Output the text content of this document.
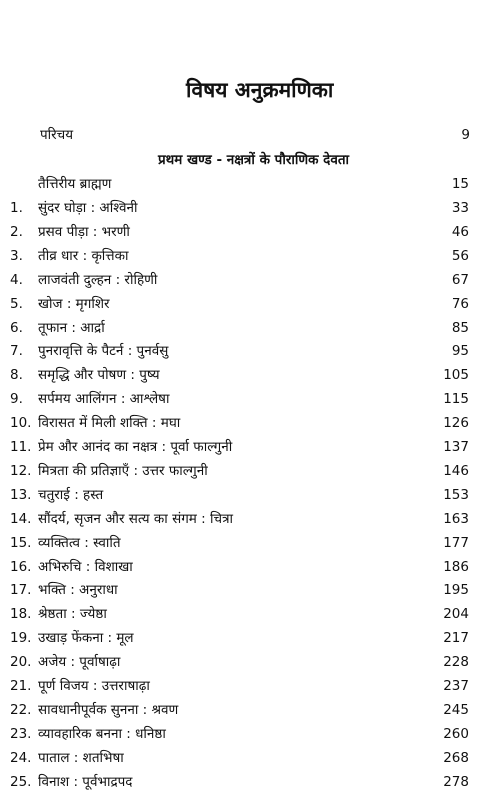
विषय अनुक्रमणिका
परिचय	9
प्रथम खण्ड - नक्षत्रों के पौराणिक देवता
तैत्तिरीय ब्राह्मण	15
1. सुंदर घोड़ा : अश्विनी	33
2. प्रसव पीड़ा : भरणी	46
3. तीव्र धार : कृत्तिका	56
4. लाजवंती दुल्हन : रोहिणी	67
5. खोज : मृगशिर	76
6. तूफान : आर्द्रा	85
7. पुनरावृत्ति के पैटर्न : पुनर्वसु	95
8. समृद्धि और पोषण : पुष्य	105
9. सर्पमय आलिंगन : आश्लेषा	115
10. विरासत में मिली शक्ति : मघा	126
11. प्रेम और आनंद का नक्षत्र : पूर्वा फाल्गुनी	137
12. मित्रता की प्रतिज्ञाएँ : उत्तर फाल्गुनी	146
13. चतुराई : हस्त	153
14. सौंदर्य, सृजन और सत्य का संगम : चित्रा	163
15. व्यक्तित्व : स्वाति	177
16. अभिरुचि : विशाखा	186
17. भक्ति : अनुराधा	195
18. श्रेष्ठता : ज्येष्ठा	204
19. उखाड़ फेंकना : मूल	217
20. अजेय : पूर्वाषाढ़ा	228
21. पूर्ण विजय : उत्तराषाढ़ा	237
22. सावधानीपूर्वक सुनना : श्रवण	245
23. व्यावहारिक बनना : धनिष्ठा	260
24. पाताल : शतभिषा	268
25. विनाश : पूर्वभाद्रपद	278
